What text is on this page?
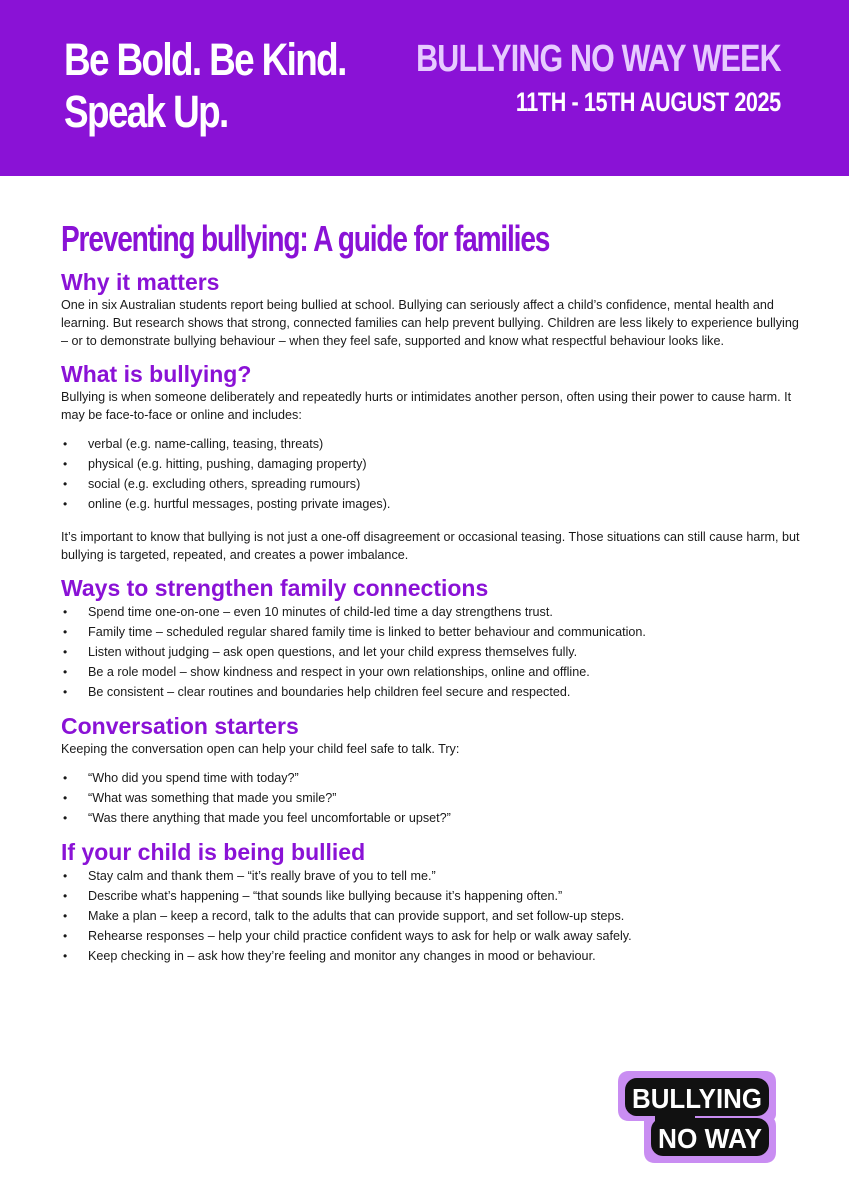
Be Bold. Be Kind.
Speak Up.
BULLYING NO WAY WEEK
11TH - 15TH AUGUST 2025
Preventing bullying: A guide for families
Why it matters

One in six Australian students report being bullied at school. Bullying can seriously affect a child’s confidence, mental health and learning. But research shows that strong, connected families can help prevent bullying. Children are less likely to experience bullying – or to demonstrate bullying behaviour – when they feel safe, supported and know what respectful behaviour looks like.

What is bullying?

Bullying is when someone deliberately and repeatedly hurts or intimidates another person, often using their power to cause harm. It may be face-to-face or online and includes:

• verbal (e.g. name-calling, teasing, threats)
• physical (e.g. hitting, pushing, damaging property)
• social (e.g. excluding others, spreading rumours)
• online (e.g. hurtful messages, posting private images).

It’s important to know that bullying is not just a one-off disagreement or occasional teasing. Those situations can still cause harm, but bullying is targeted, repeated, and creates a power imbalance.

Ways to strengthen family connections
• Spend time one-on-one – even 10 minutes of child-led time a day strengthens trust.
• Family time – scheduled regular shared family time is linked to better behaviour and communication.
• Listen without judging – ask open questions, and let your child express themselves fully.
• Be a role model – show kindness and respect in your own relationships, online and offline.
• Be consistent – clear routines and boundaries help children feel secure and respected.
Conversation starters

Keeping the conversation open can help your child feel safe to talk. Try:

• “Who did you spend time with today?”
• “What was something that made you smile?”
• “Was there anything that made you feel uncomfortable or upset?”
If your child is being bullied
• Stay calm and thank them – “it’s really brave of you to tell me.”
• Describe what’s happening – “that sounds like bullying because it’s happening often.”
• Make a plan – keep a record, talk to the adults that can provide support, and set follow-up steps.
• Rehearse responses – help your child practice confident ways to ask for help or walk away safely.
• Keep checking in – ask how they’re feeling and monitor any changes in mood or behaviour.
BULLYING
NO WAY
